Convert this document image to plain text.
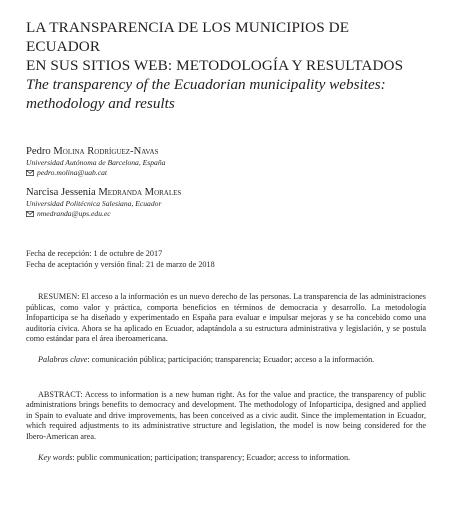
LA TRANSPARENCIA DE LOS MUNICIPIOS DE ECUADOR
EN SUS SITIOS WEB: METODOLOGÍA Y RESULTADOS
The transparency of the Ecuadorian municipality websites:
methodology and results
Pedro Molina Rodríguez-Navas
Universidad Autónoma de Barcelona, España
pedro.molina@uab.cat
Narcisa Jessenia Medranda Morales
Universidad Politécnica Salesiana, Ecuador
nmedranda@ups.edu.ec
Fecha de recepción: 1 de octubre de 2017
Fecha de aceptación y versión final: 21 de marzo de 2018

RESUMEN: El acceso a la información es un nuevo derecho de las personas. La transparencia de las administraciones públicas, como valor y práctica, comporta beneficios en términos de democracia y desarrollo. La metodología Infoparticipa se ha diseñado y experimentado en España para evaluar e impulsar mejoras y se ha concebido como una auditoría cívica. Ahora se ha aplicado en Ecuador, adaptándola a su estructura administrativa y legislación, y se postula como estándar para el área iberoamericana.

Palabras clave: comunicación pública; participación; transparencia; Ecuador; acceso a la información.

ABSTRACT: Access to information is a new human right. As for the value and practice, the transparency of public administrations brings benefits to democracy and development. The methodology of Infoparticipa, designed and applied in Spain to evaluate and drive improvements, has been conceived as a civic audit. Since the implementation in Ecuador, which required adjustments to its administrative structure and legislation, the model is now being considered for the Ibero-American area.

Key words: public communication; participation; transparency; Ecuador; access to information.
